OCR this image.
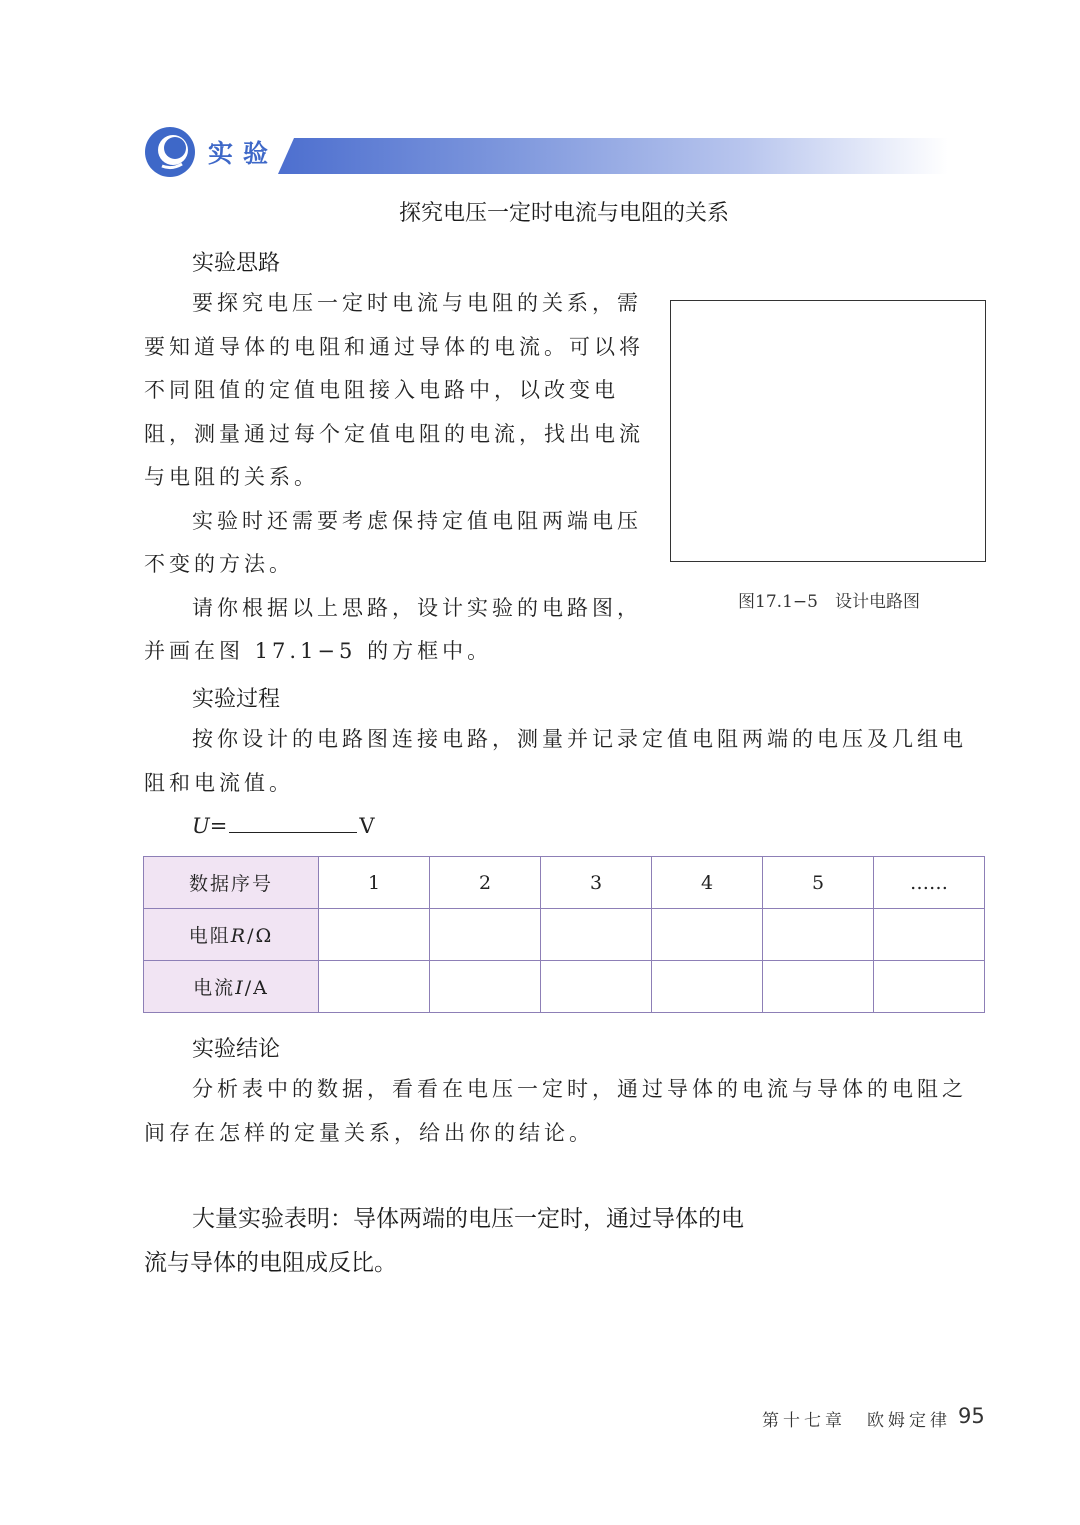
实验
探究电压一定时电流与电阻的关系
实验思路

要探究电压一定时电流与电阻的关系，需要知道导体的电阻和通过导体的电流。可以将不同阻值的定值电阻接入电路中，以改变电阻，测量通过每个定值电阻的电流，找出电流与电阻的关系。

实验时还需要考虑保持定值电阻两端电压不变的方法。

请你根据以上思路，设计实验的电路图，并画在图 17.1−5 的方框中。

图17.1−5　设计电路图
实验过程

按你设计的电路图连接电路，测量并记录定值电阻两端的电压及几组电阻和电流值。

U=	V
数据序号	1	2	3	4	5	……
电阻R/Ω						
电流I/A						
实验结论

分析表中的数据，看看在电压一定时，通过导体的电流与导体的电阻之间存在怎样的定量关系，给出你的结论。

大量实验表明：导体两端的电压一定时，通过导体的电流与导体的电阻成反比。

第十七章　欧姆定律 95
